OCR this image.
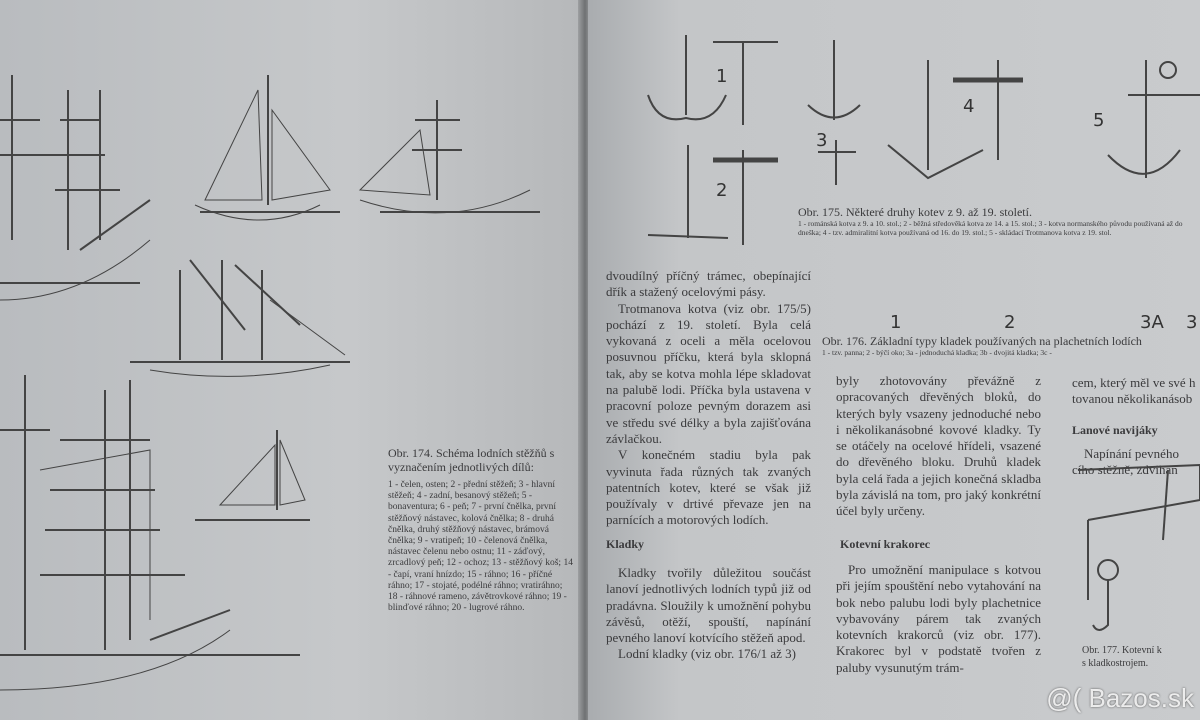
Obr. 174. Schéma lodních stěžňů s vyznačením jednotlivých dílů:
1 - čelen, osten; 2 - přední stěžeň; 3 - hlavní stěžeň; 4 - zadní, besanový stěžeň; 5 - bonaventura; 6 - peň; 7 - první čnělka, první stěžňový nástavec, kolová čnělka; 8 - druhá čnělka, druhý stěžňový nástavec, brámová čnělka; 9 - vratipeň; 10 - čelenová čnělka, nástavec čelenu nebo ostnu; 11 - záďový, zrcadlový peň; 12 - ochoz; 13 - stěžňový koš; 14 - čapí, vraní hnízdo; 15 - ráhno; 16 - příčné ráhno; 17 - stojaté, podélné ráhno; vratiráhno; 18 - ráhnové rameno, závětrovkové ráhno; 19 - blinďové ráhno; 20 - lugrové ráhno.
1
2
3
4
5
Obr. 175. Některé druhy kotev z 9. až 19. století.
1 - románská kotva z 9. a 10. stol.; 2 - běžná středověká kotva ze 14. a 15. stol.; 3 - kotva normanského původu používaná až do dneška; 4 - tzv. admiralitní kotva používaná od 16. do 19. stol.; 5 - skládací Trotmanova kotva z 19. stol.
1	2	3A 3
Obr. 176. Základní typy kladek používaných na plachetních lodích
1 - tzv. panna; 2 - býčí oko; 3a - jednoduchá kladka; 3b - dvojitá kladka; 3c -
dvoudílný příčný trámec, obepínající dřík a stažený ocelovými pásy.

Trotmanova kotva (viz obr. 175/5) pochází z 19. století. Byla celá vykovaná z oceli a měla ocelovou posuvnou příčku, která byla sklopná tak, aby se kotva mohla lépe skladovat na palubě lodi. Příčka byla ustavena v pracovní poloze pevným dorazem asi ve středu své délky a byla zajišťována závlačkou.

V konečném stadiu byla pak vyvinuta řada různých tak zvaných patentních kotev, které se však již používaly v drtivé převaze jen na parnících a motorových lodích.

Kladky

Kladky tvořily důležitou součást lanoví jednotlivých lodních typů již od pradávna. Sloužily k umožnění pohybu závěsů, otěží, spouští, napínání pevného lanoví kotvícího stěžeň apod.

Lodní kladky (viz obr. 176/1 až 3)

byly zhotovovány převážně z opracovaných dřevěných bloků, do kterých byly vsazeny jednoduché nebo i několikanásobné kovové kladky. Ty se otáčely na ocelové hřídeli, vsazené do dřevěného bloku. Druhů kladek byla celá řada a jejich konečná skladba byla závislá na tom, pro jaký konkrétní účel byly určeny.
Kotevní krakorec

Pro umožnění manipulace s kotvou při jejím spouštění nebo vytahování na bok nebo palubu lodi byly plachetnice vybavovány párem tak zvaných kotevních krakorců (viz obr. 177). Krakorec byl v podstatě tvořen z paluby vysunutým trám-

cem, který měl ve své h
tovanou několikanásob
Lanové navijáky

Napínání pevného

cího stěžně, zdvihán
Obr. 177. Kotevní k
s kladkostrojem.
@( Bazos.sk
